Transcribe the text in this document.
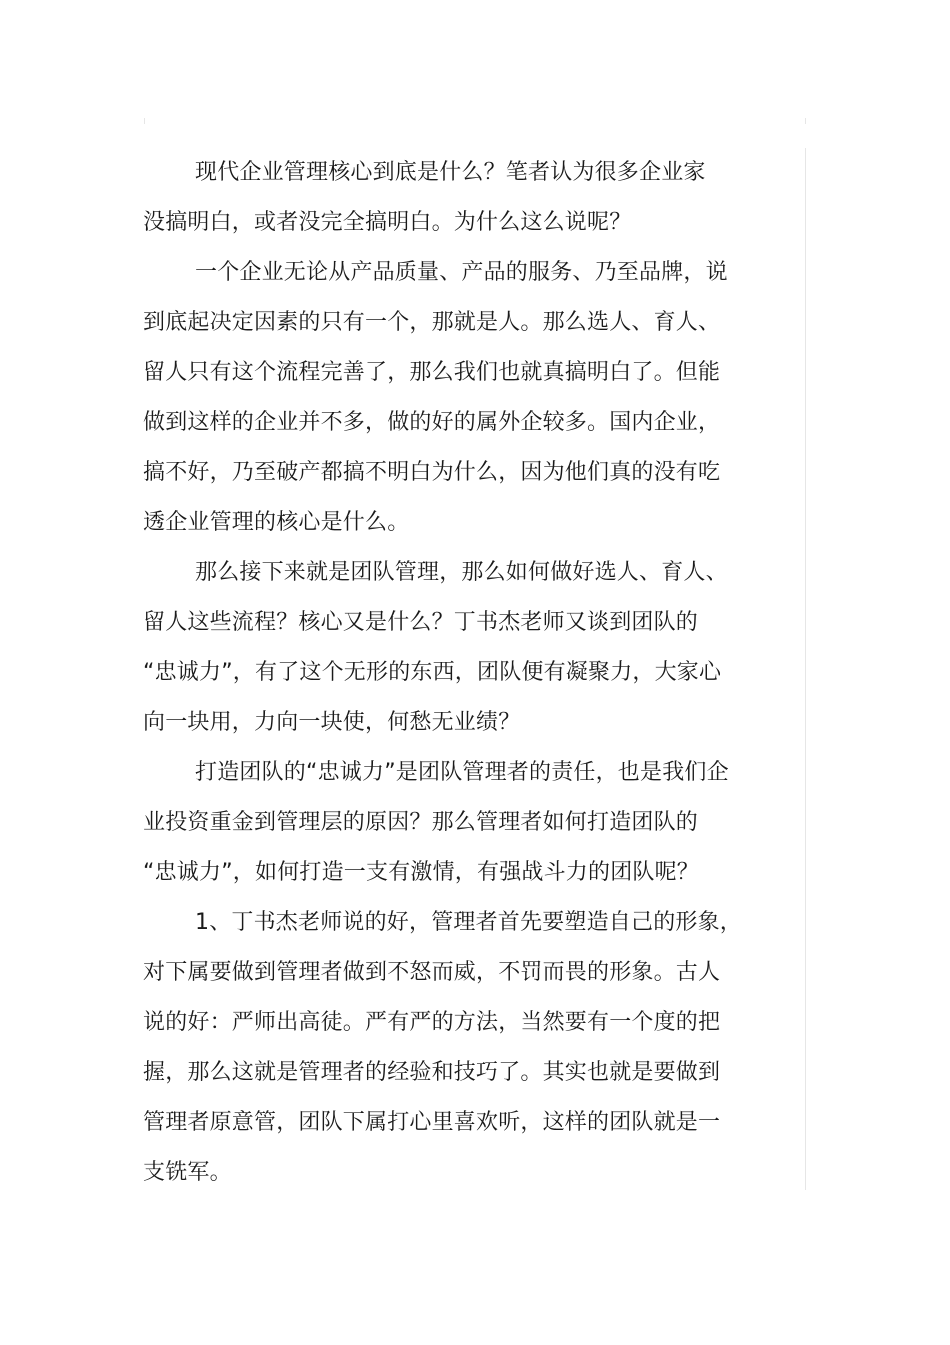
现代企业管理核心到底是什么？笔者认为很多企业家
没搞明白，或者没完全搞明白。为什么这么说呢？
一个企业无论从产品质量、产品的服务、乃至品牌，说
到底起决定因素的只有一个，那就是人。那么选人、育人、
留人只有这个流程完善了，那么我们也就真搞明白了。但能
做到这样的企业并不多，做的好的属外企较多。国内企业，
搞不好，乃至破产都搞不明白为什么，因为他们真的没有吃
透企业管理的核心是什么。
那么接下来就是团队管理，那么如何做好选人、育人、
留人这些流程？核心又是什么？丁书杰老师又谈到团队的
“忠诚力”，有了这个无形的东西，团队便有凝聚力，大家心
向一块用，力向一块使，何愁无业绩？
打造团队的“忠诚力”是团队管理者的责任，也是我们企
业投资重金到管理层的原因？那么管理者如何打造团队的
“忠诚力”，如何打造一支有激情，有强战斗力的团队呢？
1、丁书杰老师说的好，管理者首先要塑造自己的形象，
对下属要做到管理者做到不怒而威，不罚而畏的形象。古人
说的好：严师出高徒。严有严的方法，当然要有一个度的把
握，那么这就是管理者的经验和技巧了。其实也就是要做到
管理者原意管，团队下属打心里喜欢听，这样的团队就是一
支铣军。
